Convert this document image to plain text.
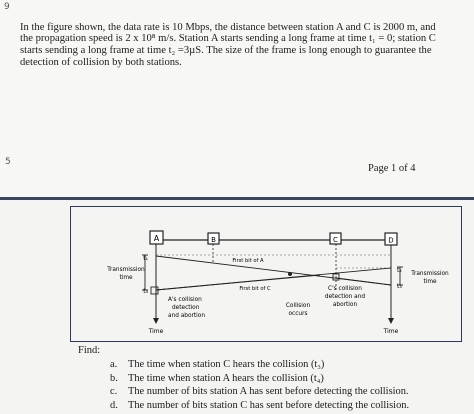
9
5

In the figure shown, the data rate is 10 Mbps, the distance between station A and C is 2000 m, and the propagation speed is 2 x 10⁸ m/s. Station A starts sending a long frame at time t₁ = 0; station C starts sending a long frame at time t₂ =3µS. The size of the frame is long enough to guarantee the detection of collision by both stations.

Page 1 of 4
A	B	C	D
t₁
t₂
t₃
t₄
Transmission
time
Transmission
time
First bit of A
First bit of C
A's collision
detection
and abortion
Collision
occurs
C's collision
detection and
abortion
Time	Time
Find:
a. The time when station C hears the collision (t₃)
b. The time when station A hears the collision (t₄)
c. The number of bits station A has sent before detecting the collision.
d. The number of bits station C has sent before detecting the collision.
